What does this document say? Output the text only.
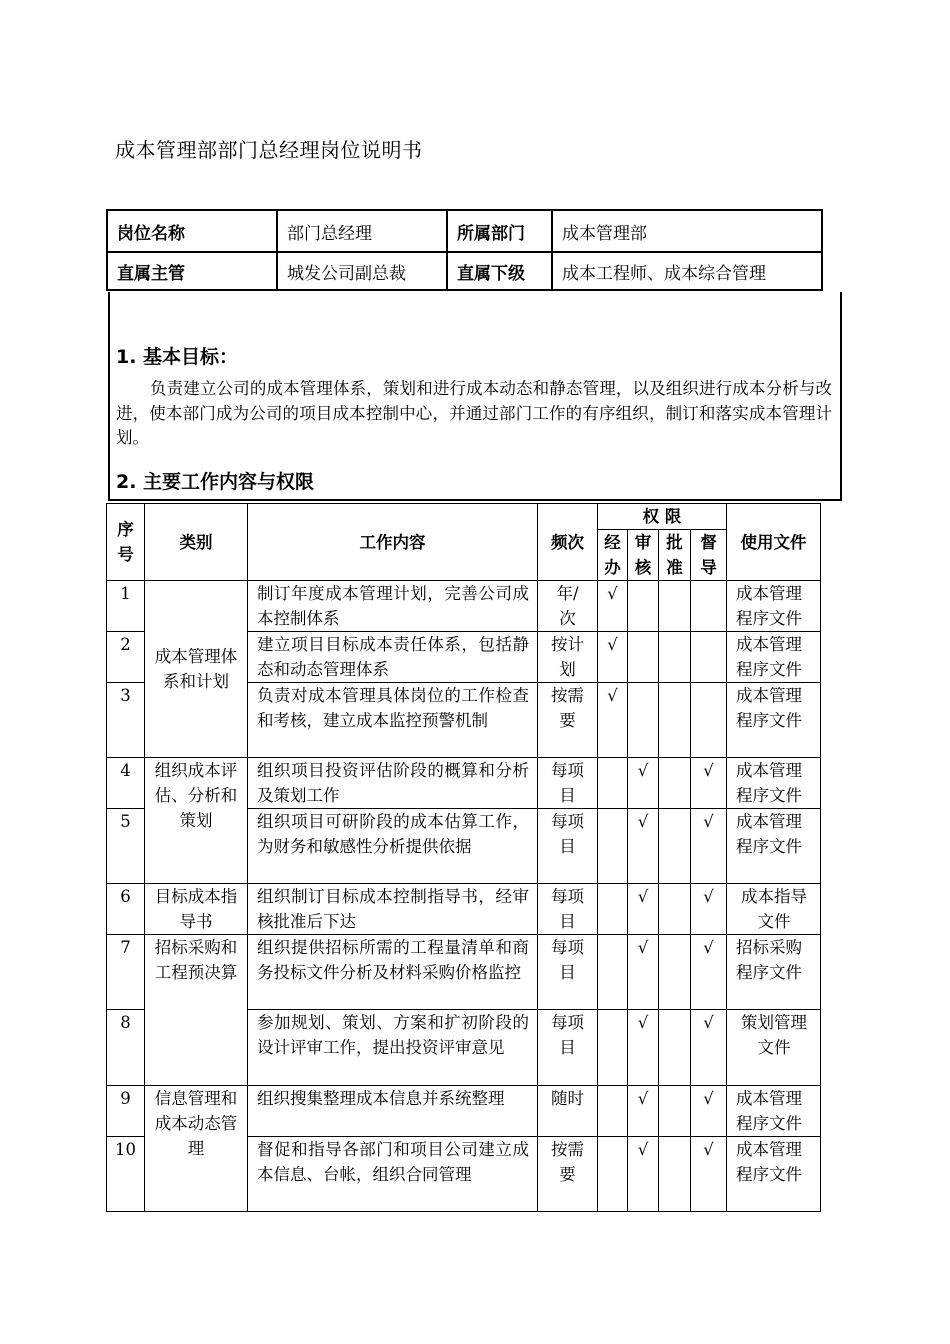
成本管理部部门总经理岗位说明书
岗位名称	部门总经理	所属部门	成本管理部
直属主管	城发公司副总裁	直属下级	成本工程师、成本综合管理
1. 基本目标：
负责建立公司的成本管理体系，策划和进行成本动态和静态管理，以及组织进行成本分析与改进，使本部门成为公司的项目成本控制中心，并通过部门工作的有序组织，制订和落实成本管理计划。
2. 主要工作内容与权限
序号	类别	工作内容	频次	权 限				使用文件
				经办	审核	批准	督导	
1	成本管理体系和计划	制订年度成本管理计划，完善公司成本控制体系	年/次	√				成本管理程序文件
2		建立项目目标成本责任体系，包括静态和动态管理体系	按计划	√				成本管理程序文件
3		负责对成本管理具体岗位的工作检查和考核，建立成本监控预警机制	按需要	√				成本管理程序文件
4	组织成本评估、分析和策划	组织项目投资评估阶段的概算和分析及策划工作	每项目		√		√	成本管理程序文件
5		组织项目可研阶段的成本估算工作，为财务和敏感性分析提供依据	每项目		√		√	成本管理程序文件
6	目标成本指导书	组织制订目标成本控制指导书，经审核批准后下达	每项目		√		√	成本指导文件
7	招标采购和工程预决算	组织提供招标所需的工程量清单和商务投标文件分析及材料采购价格监控	每项目		√		√	招标采购程序文件
8		参加规划、策划、方案和扩初阶段的设计评审工作，提出投资评审意见	每项目		√		√	策划管理文件
9	信息管理和成本动态管理	组织搜集整理成本信息并系统整理	随时		√		√	成本管理程序文件
10		督促和指导各部门和项目公司建立成本信息、台帐，组织合同管理	按需要		√		√	成本管理程序文件
